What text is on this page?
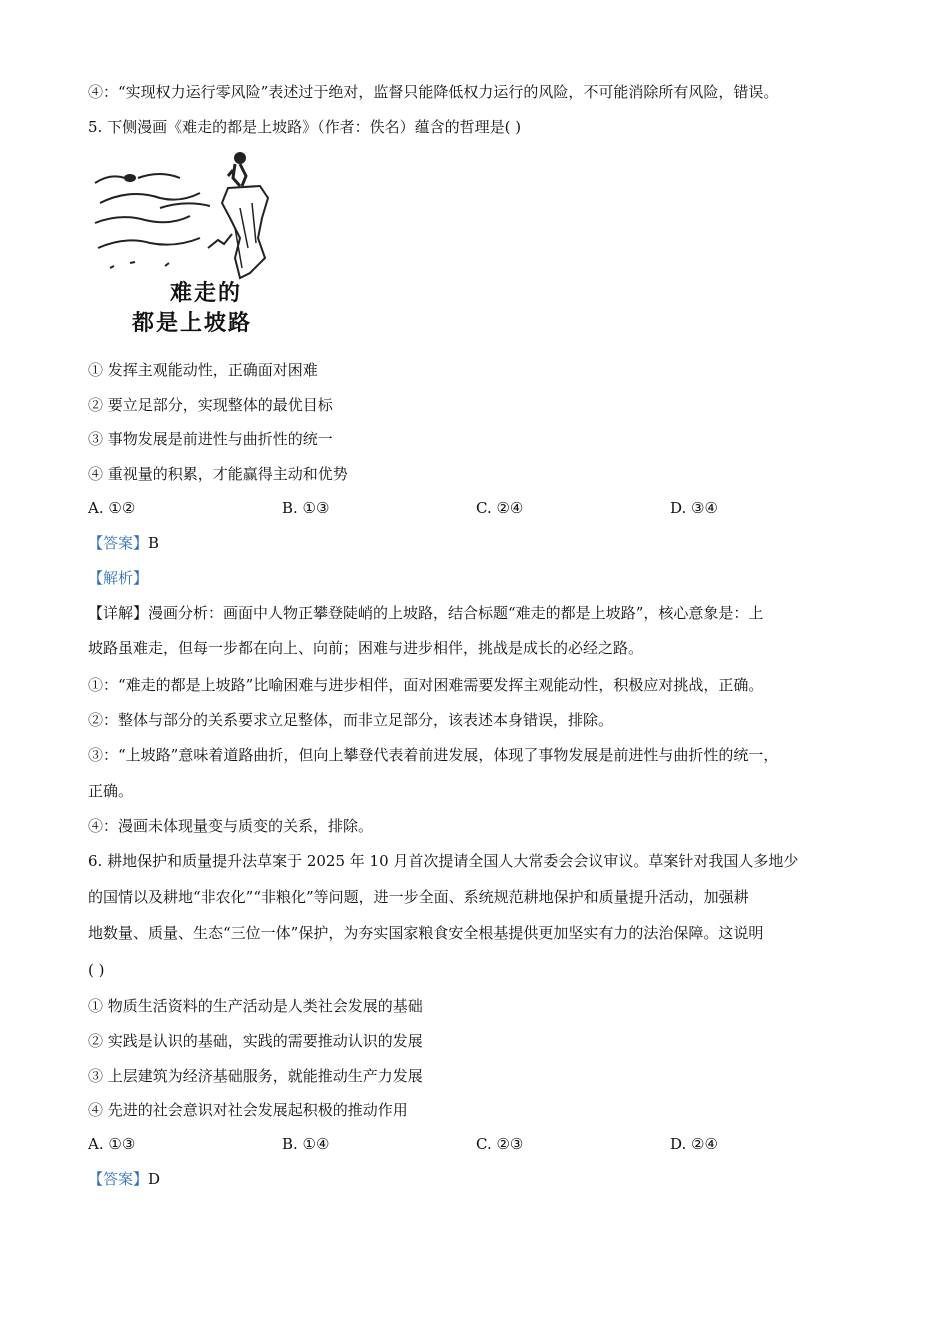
④：“实现权力运行零风险”表述过于绝对，监督只能降低权力运行的风险，不可能消除所有风险，错误。
5. 下侧漫画《难走的都是上坡路》（作者：佚名）蕴含的哲理是( )
难走的
都是上坡路
① 发挥主观能动性，正确面对困难
② 要立足部分，实现整体的最优目标
③ 事物发展是前进性与曲折性的统一
④ 重视量的积累，才能赢得主动和优势
A. ①②	B. ①③	C. ②④	D. ③④
【答案】B
【解析】
【详解】漫画分析：画面中人物正攀登陡峭的上坡路，结合标题“难走的都是上坡路”，核心意象是：上
坡路虽难走，但每一步都在向上、向前；困难与进步相伴，挑战是成长的必经之路。
①：“难走的都是上坡路”比喻困难与进步相伴，面对困难需要发挥主观能动性，积极应对挑战，正确。
②：整体与部分的关系要求立足整体，而非立足部分，该表述本身错误，排除。
③：“上坡路”意味着道路曲折，但向上攀登代表着前进发展，体现了事物发展是前进性与曲折性的统一，
正确。
④：漫画未体现量变与质变的关系，排除。
6. 耕地保护和质量提升法草案于 2025 年 10 月首次提请全国人大常委会会议审议。草案针对我国人多地少
的国情以及耕地“非农化”“非粮化”等问题，进一步全面、系统规范耕地保护和质量提升活动，加强耕
地数量、质量、生态“三位一体”保护，为夯实国家粮食安全根基提供更加坚实有力的法治保障。这说明
( )
① 物质生活资料的生产活动是人类社会发展的基础
② 实践是认识的基础，实践的需要推动认识的发展
③ 上层建筑为经济基础服务，就能推动生产力发展
④ 先进的社会意识对社会发展起积极的推动作用
A. ①③	B. ①④	C. ②③	D. ②④
【答案】D
